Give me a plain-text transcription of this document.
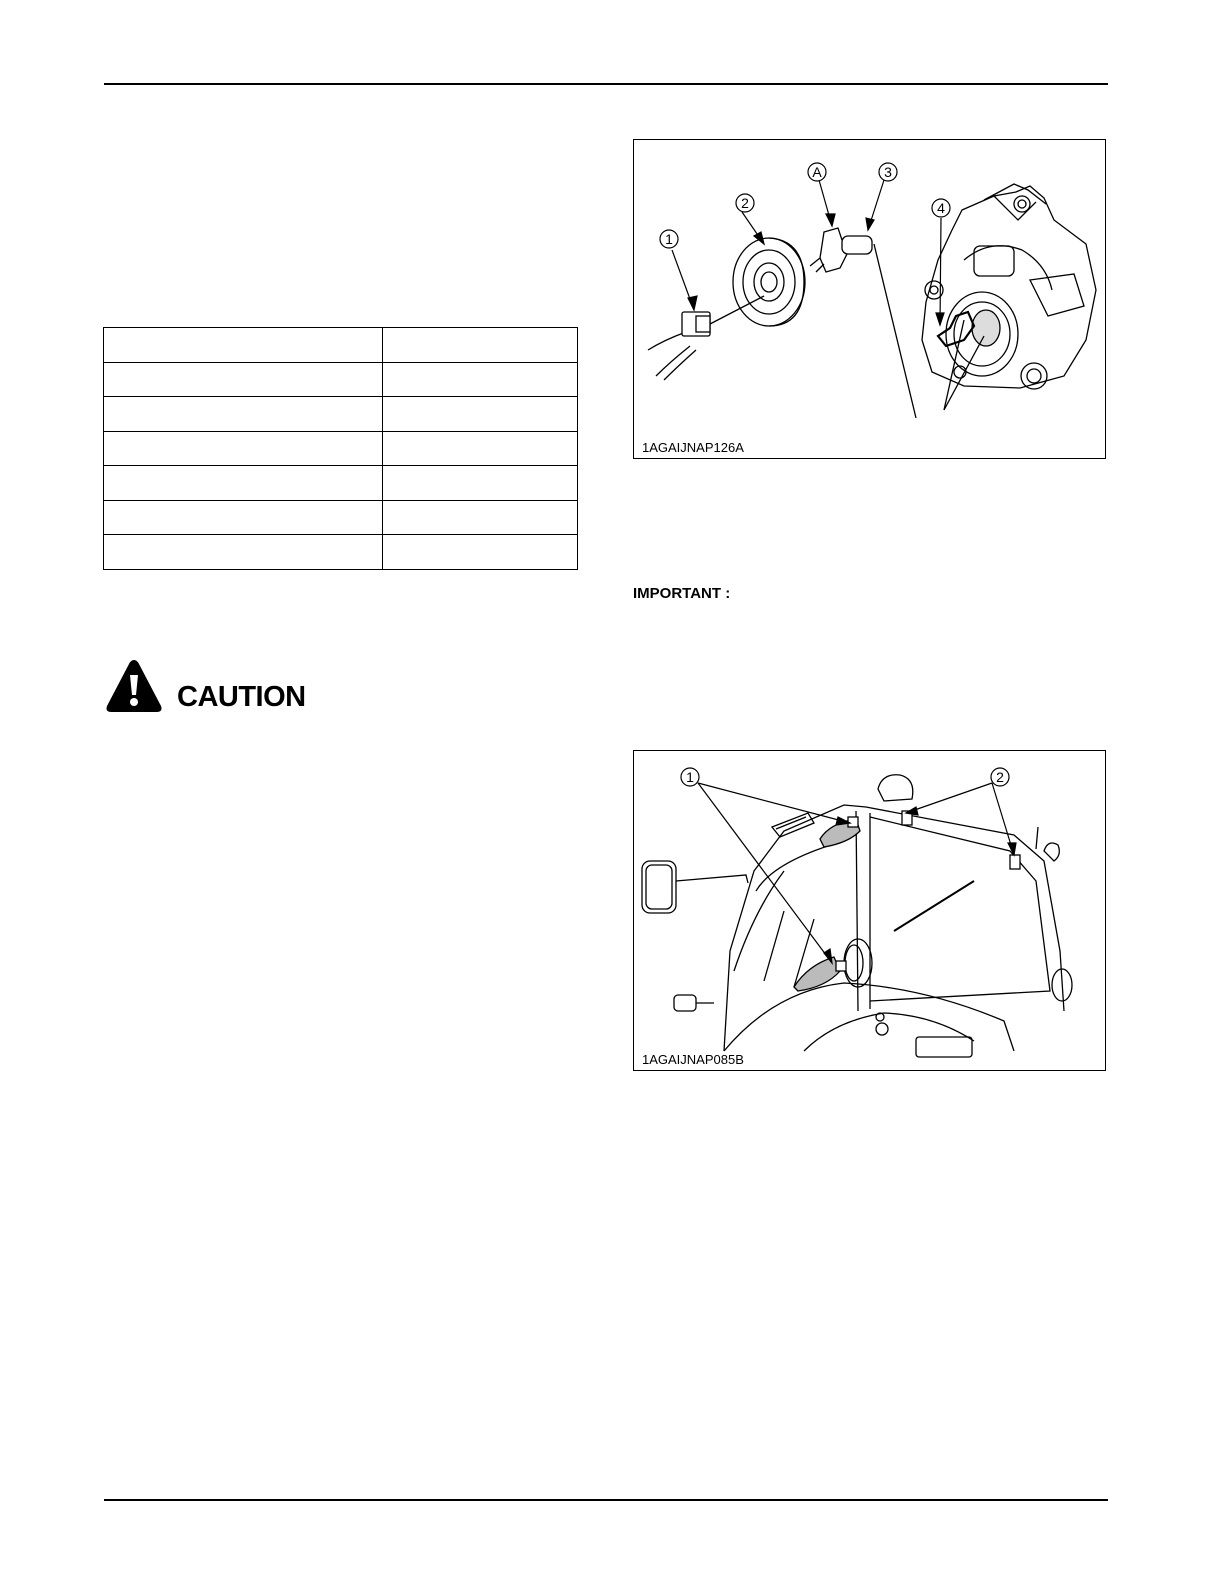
CAUTION
1
2
A	3
4
1AGAIJNAP126A
IMPORTANT :
1	2
1AGAIJNAP085B
